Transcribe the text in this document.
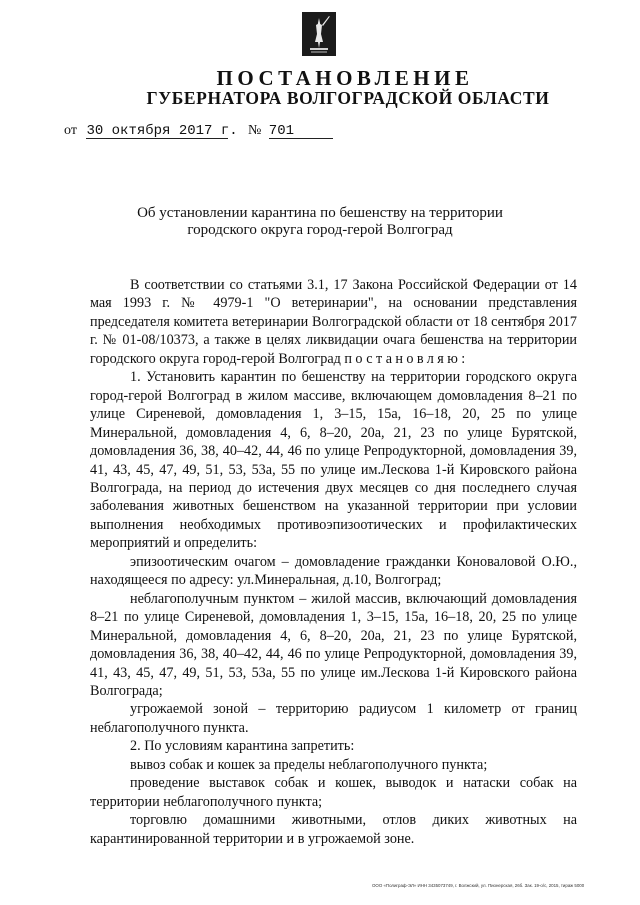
ПОСТАНОВЛЕНИЕ
ГУБЕРНАТОРА ВОЛГОГРАДСКОЙ ОБЛАСТИ
от 30 октября 2017 г. № 701
Об установлении карантина по бешенству на территории
городского округа город-герой Волгоград

В соответствии со статьями 3.1, 17 Закона Российской Федерации от 14 мая 1993 г. № 4979-1 "О ветеринарии", на основании представления председателя комитета ветеринарии Волгоградской области от 18 сентября 2017 г. № 01-08/10373, а также в целях ликвидации очага бешенства на территории городского округа город-герой Волгоград постановляю:

1. Установить карантин по бешенству на территории городского округа город-герой Волгоград в жилом массиве, включающем домовладения 8–21 по улице Сиреневой, домовладения 1, 3–15, 15а, 16–18, 20, 25 по улице Минеральной, домовладения 4, 6, 8–20, 20а, 21, 23 по улице Бурятской, домовладения 36, 38, 40–42, 44, 46 по улице Репродукторной, домовладения 39, 41, 43, 45, 47, 49, 51, 53, 53а, 55 по улице им.Лескова 1-й Кировского района Волгограда, на период до истечения двух месяцев со дня последнего случая заболевания животных бешенством на указанной территории при условии выполнения необходимых противоэпизоотических и профилактических мероприятий и определить:

эпизоотическим очагом – домовладение гражданки Коноваловой О.Ю., находящееся по адресу: ул.Минеральная, д.10, Волгоград;

неблагополучным пунктом – жилой массив, включающий домовладения 8–21 по улице Сиреневой, домовладения 1, 3–15, 15а, 16–18, 20, 25 по улице Минеральной, домовладения 4, 6, 8–20, 20а, 21, 23 по улице Бурятской, домовладения 36, 38, 40–42, 44, 46 по улице Репродукторной, домовладения 39, 41, 43, 45, 47, 49, 51, 53, 53а, 55 по улице им.Лескова 1-й Кировского района Волгограда;

угрожаемой зоной – территорию радиусом 1 километр от границ неблагополучного пункта.

2. По условиям карантина запретить:

вывоз собак и кошек за пределы неблагополучного пункта;

проведение выставок собак и кошек, выводок и натаски собак на территории неблагополучного пункта;

торговлю домашними животными, отлов диких животных на карантинированной территории и в угрожаемой зоне.

ООО «Полиграф-ЭЛ» ИНН 3435073749, г. Волжский, ул. Пионерская, 26б. Зак. 19-о/с, 2015, тираж 5000
